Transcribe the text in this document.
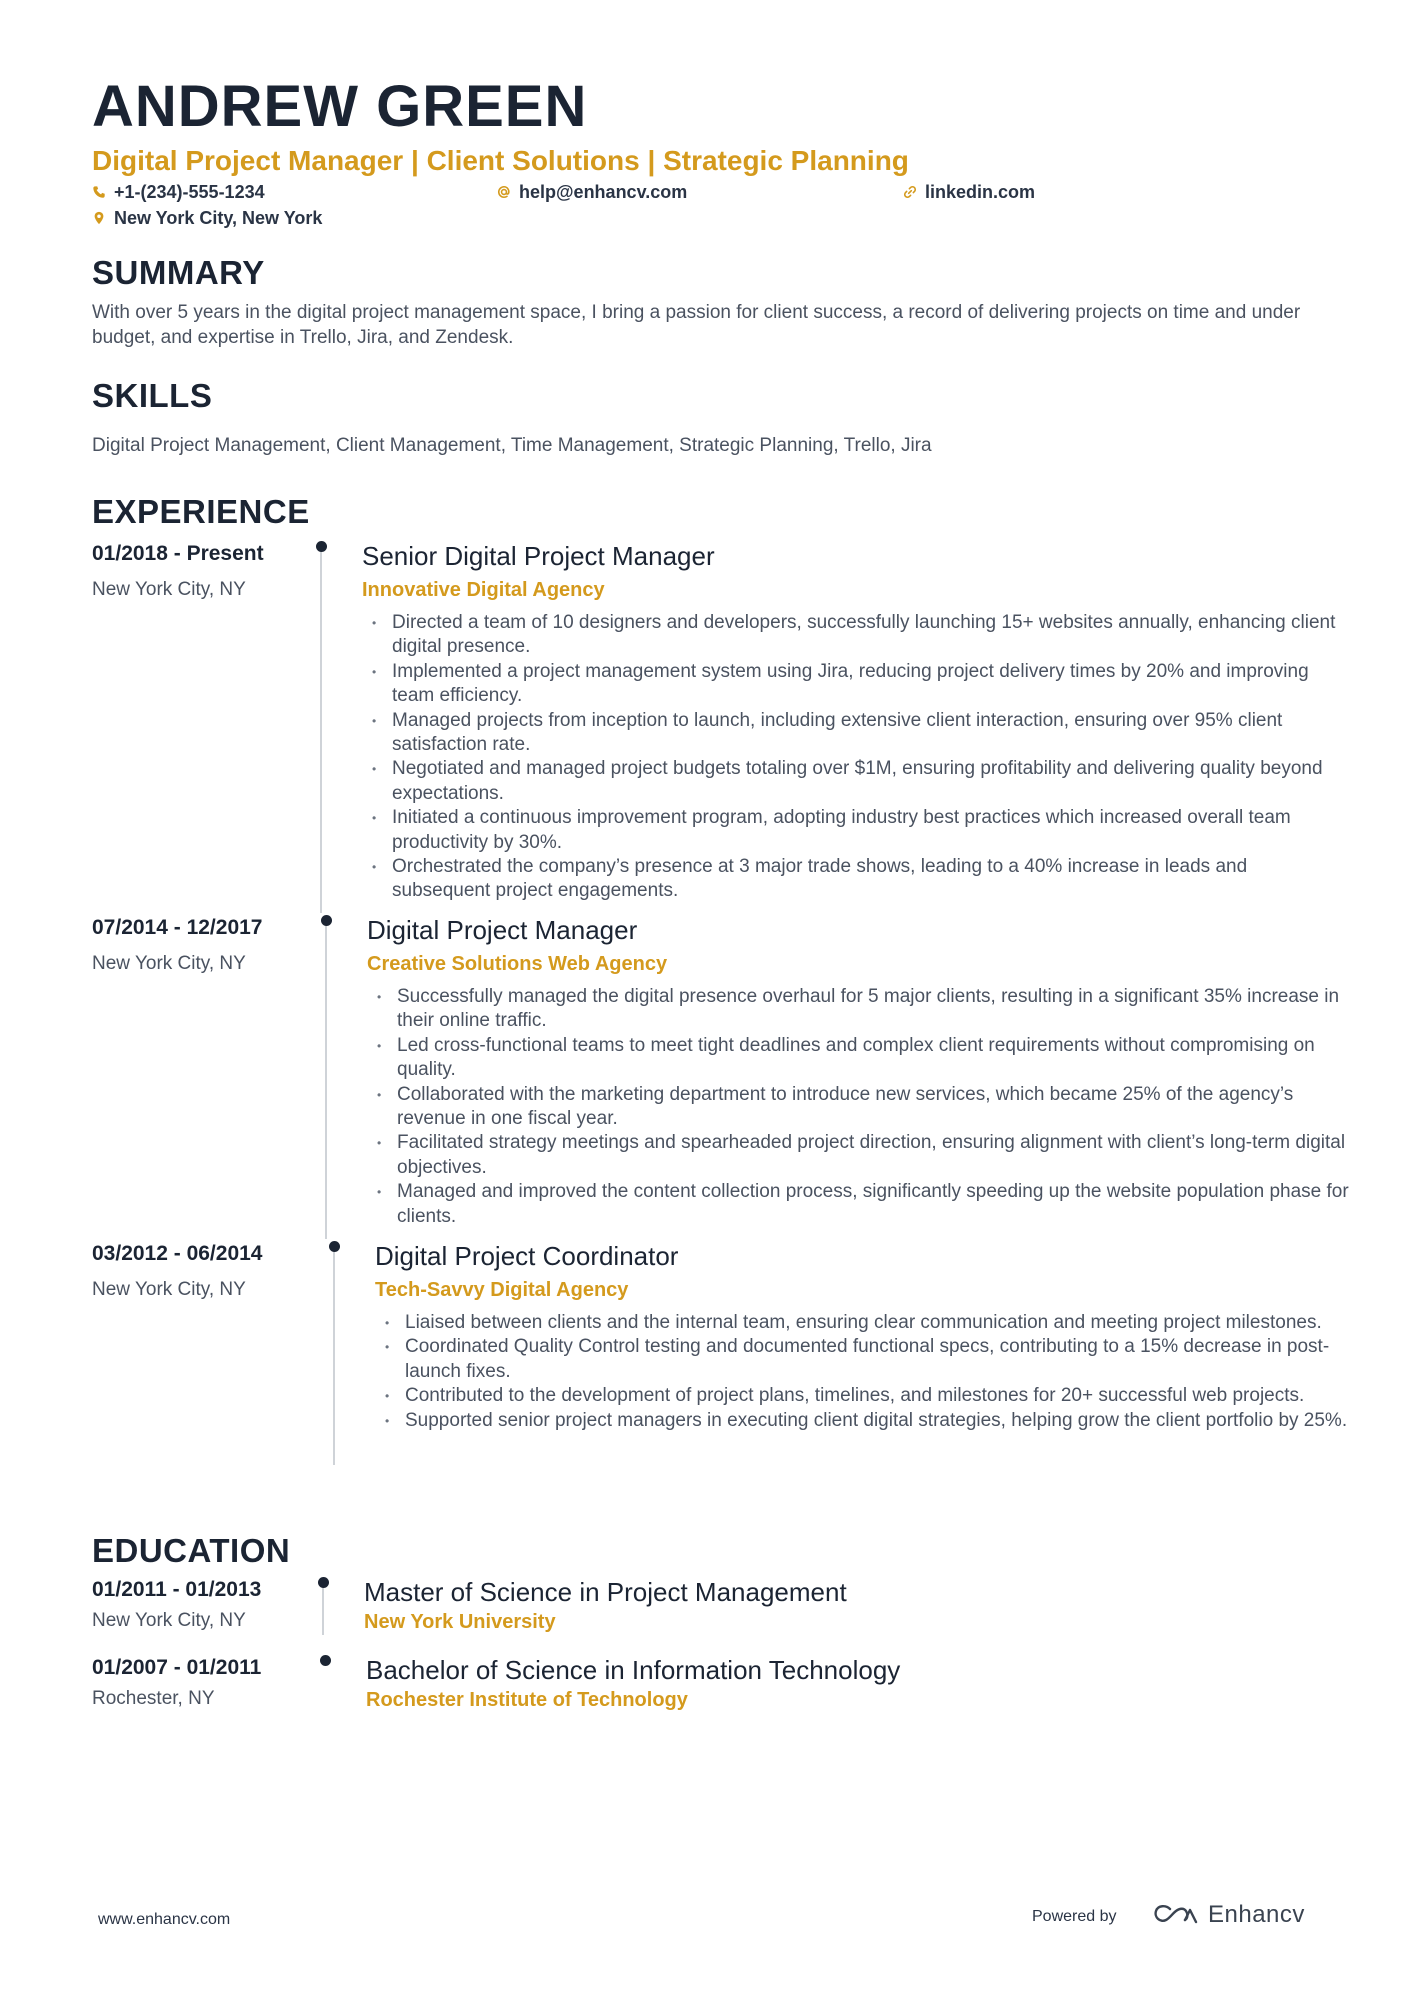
ANDREW GREEN
Digital Project Manager | Client Solutions | Strategic Planning
+1-(234)-555-1234	help@enhancv.com	linkedin.com
New York City, New York
SUMMARY
With over 5 years in the digital project management space, I bring a passion for client success, a record of delivering projects on time and under budget, and expertise in Trello, Jira, and Zendesk.
SKILLS
Digital Project Management, Client Management, Time Management, Strategic Planning, Trello, Jira
EXPERIENCE
01/2018 - Present
New York City, NY
Senior Digital Project Manager
Innovative Digital Agency
• Directed a team of 10 designers and developers, successfully launching 15+ websites annually, enhancing client digital presence.
• Implemented a project management system using Jira, reducing project delivery times by 20% and improving team efficiency.
• Managed projects from inception to launch, including extensive client interaction, ensuring over 95% client satisfaction rate.
• Negotiated and managed project budgets totaling over $1M, ensuring profitability and delivering quality beyond expectations.
• Initiated a continuous improvement program, adopting industry best practices which increased overall team productivity by 30%.
• Orchestrated the company’s presence at 3 major trade shows, leading to a 40% increase in leads and subsequent project engagements.
07/2014 - 12/2017
New York City, NY
Digital Project Manager
Creative Solutions Web Agency
• Successfully managed the digital presence overhaul for 5 major clients, resulting in a significant 35% increase in their online traffic.
• Led cross-functional teams to meet tight deadlines and complex client requirements without compromising on quality.
• Collaborated with the marketing department to introduce new services, which became 25% of the agency’s revenue in one fiscal year.
• Facilitated strategy meetings and spearheaded project direction, ensuring alignment with client’s long-term digital objectives.
• Managed and improved the content collection process, significantly speeding up the website population phase for clients.
03/2012 - 06/2014
New York City, NY
Digital Project Coordinator
Tech-Savvy Digital Agency
• Liaised between clients and the internal team, ensuring clear communication and meeting project milestones.
• Coordinated Quality Control testing and documented functional specs, contributing to a 15% decrease in post-launch fixes.
• Contributed to the development of project plans, timelines, and milestones for 20+ successful web projects.
• Supported senior project managers in executing client digital strategies, helping grow the client portfolio by 25%.
EDUCATION
01/2011 - 01/2013
New York City, NY
Master of Science in Project Management
New York University
01/2007 - 01/2011
Rochester, NY
Bachelor of Science in Information Technology
Rochester Institute of Technology
www.enhancv.com	Powered by	Enhancv
